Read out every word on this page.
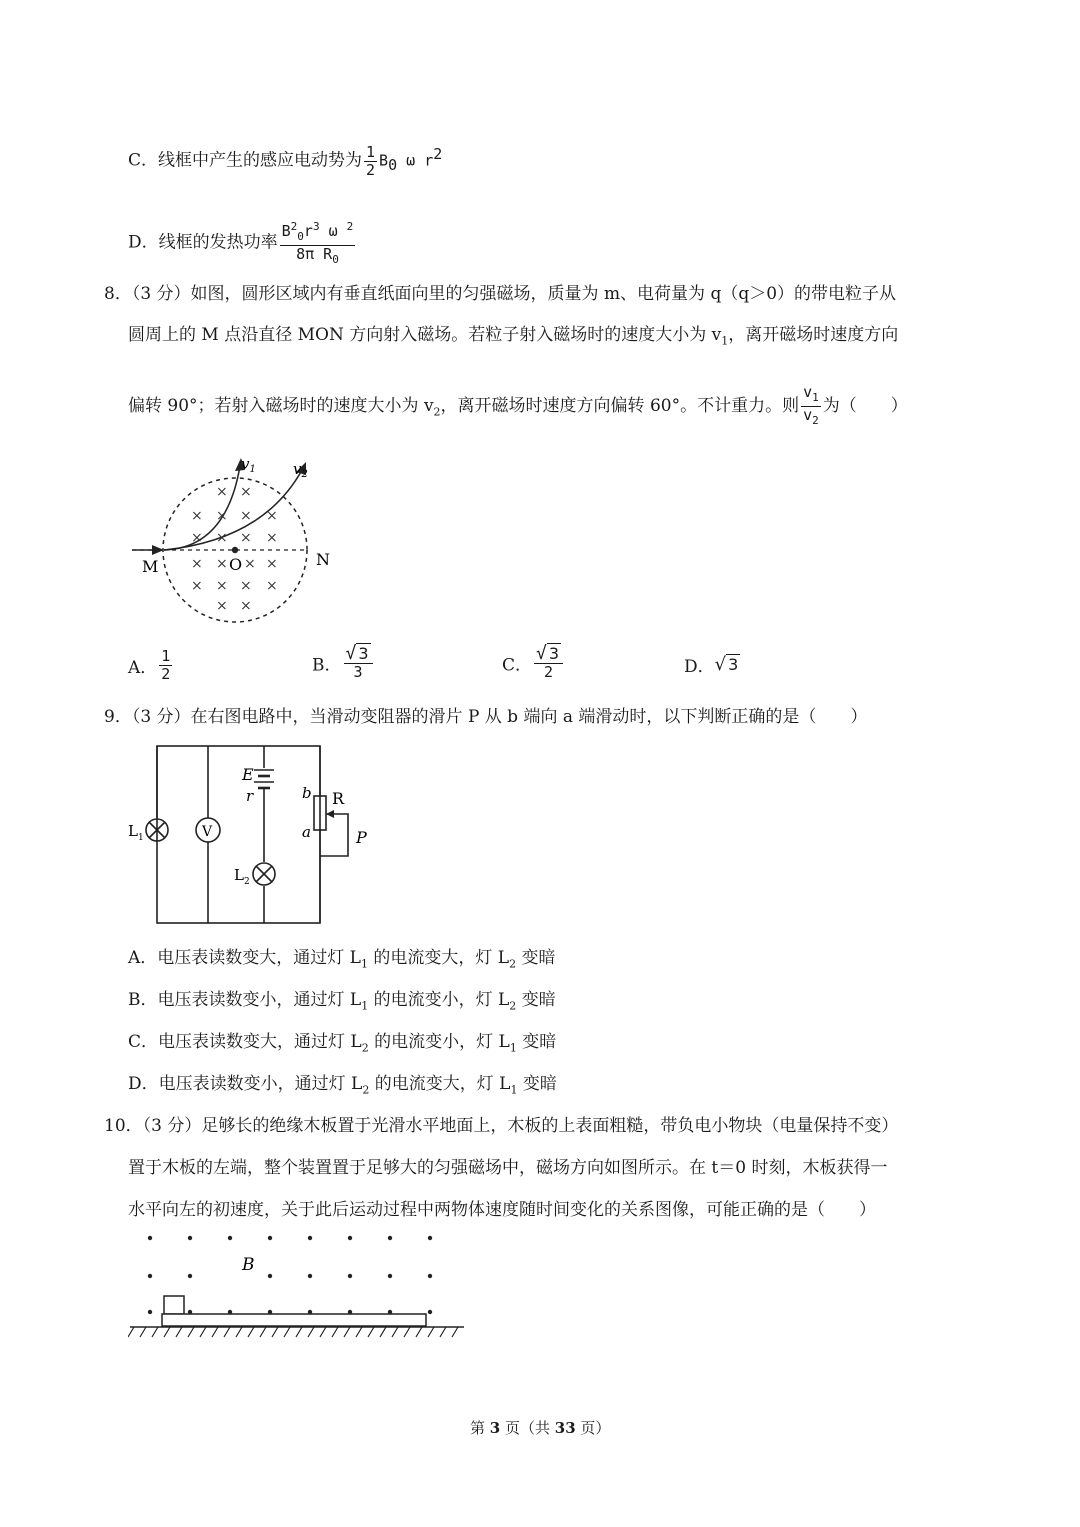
C．线框中产生的感应电动势为 $\frac{1}{2} B_0$ ω $r^2$
D．线框的发热功率 $\frac{B^2_0r^3 \omega ^2}{8\pi R_0}$
8．（3 分）如图，圆形区域内有垂直纸面向里的匀强磁场，质量为 m、电荷量为 q（q＞0）的带电粒子从
圆周上的 M 点沿直径 MON 方向射入磁场。若粒子射入磁场时的速度大小为 $v_1$，离开磁场时速度方向
偏转 90°；若射入磁场时的速度大小为 $v_2$，离开磁场时速度方向偏转 60°。不计重力。则 $\frac{v_1}{v_2}$ 为（　　）
× ×
× × × ×
× × × ×
× × × ×
× × × ×
× ×
$v_1$ $v_2$
M	O	N
A． $\frac{1}{2}$	B． $\frac{√ 3}{3}$	C． $\frac{√ 3}{2}$	D．√ 3
9．（3 分）在右图电路中，当滑动变阻器的滑片 P 从 b 端向 a 端滑动时，以下判断正确的是（　　）
E
r	b
a
R
P
V
$L_1$
$L_2$
A．电压表读数变大，通过灯 $L_1$ 的电流变大，灯 $L_2$ 变暗
B．电压表读数变小，通过灯 $L_1$ 的电流变小，灯 $L_2$ 变暗
C．电压表读数变大，通过灯 $L_2$ 的电流变小，灯 $L_1$ 变暗
D．电压表读数变小，通过灯 $L_2$ 的电流变大，灯 $L_1$ 变暗
10．（3 分）足够长的绝缘木板置于光滑水平地面上，木板的上表面粗糙，带负电小物块（电量保持不变）
置于木板的左端，整个装置置于足够大的匀强磁场中，磁场方向如图所示。在 t＝0 时刻，木板获得一
水平向左的初速度，关于此后运动过程中两物体速度随时间变化的关系图像，可能正确的是（　　）
B
第 3 页（共 33 页）
